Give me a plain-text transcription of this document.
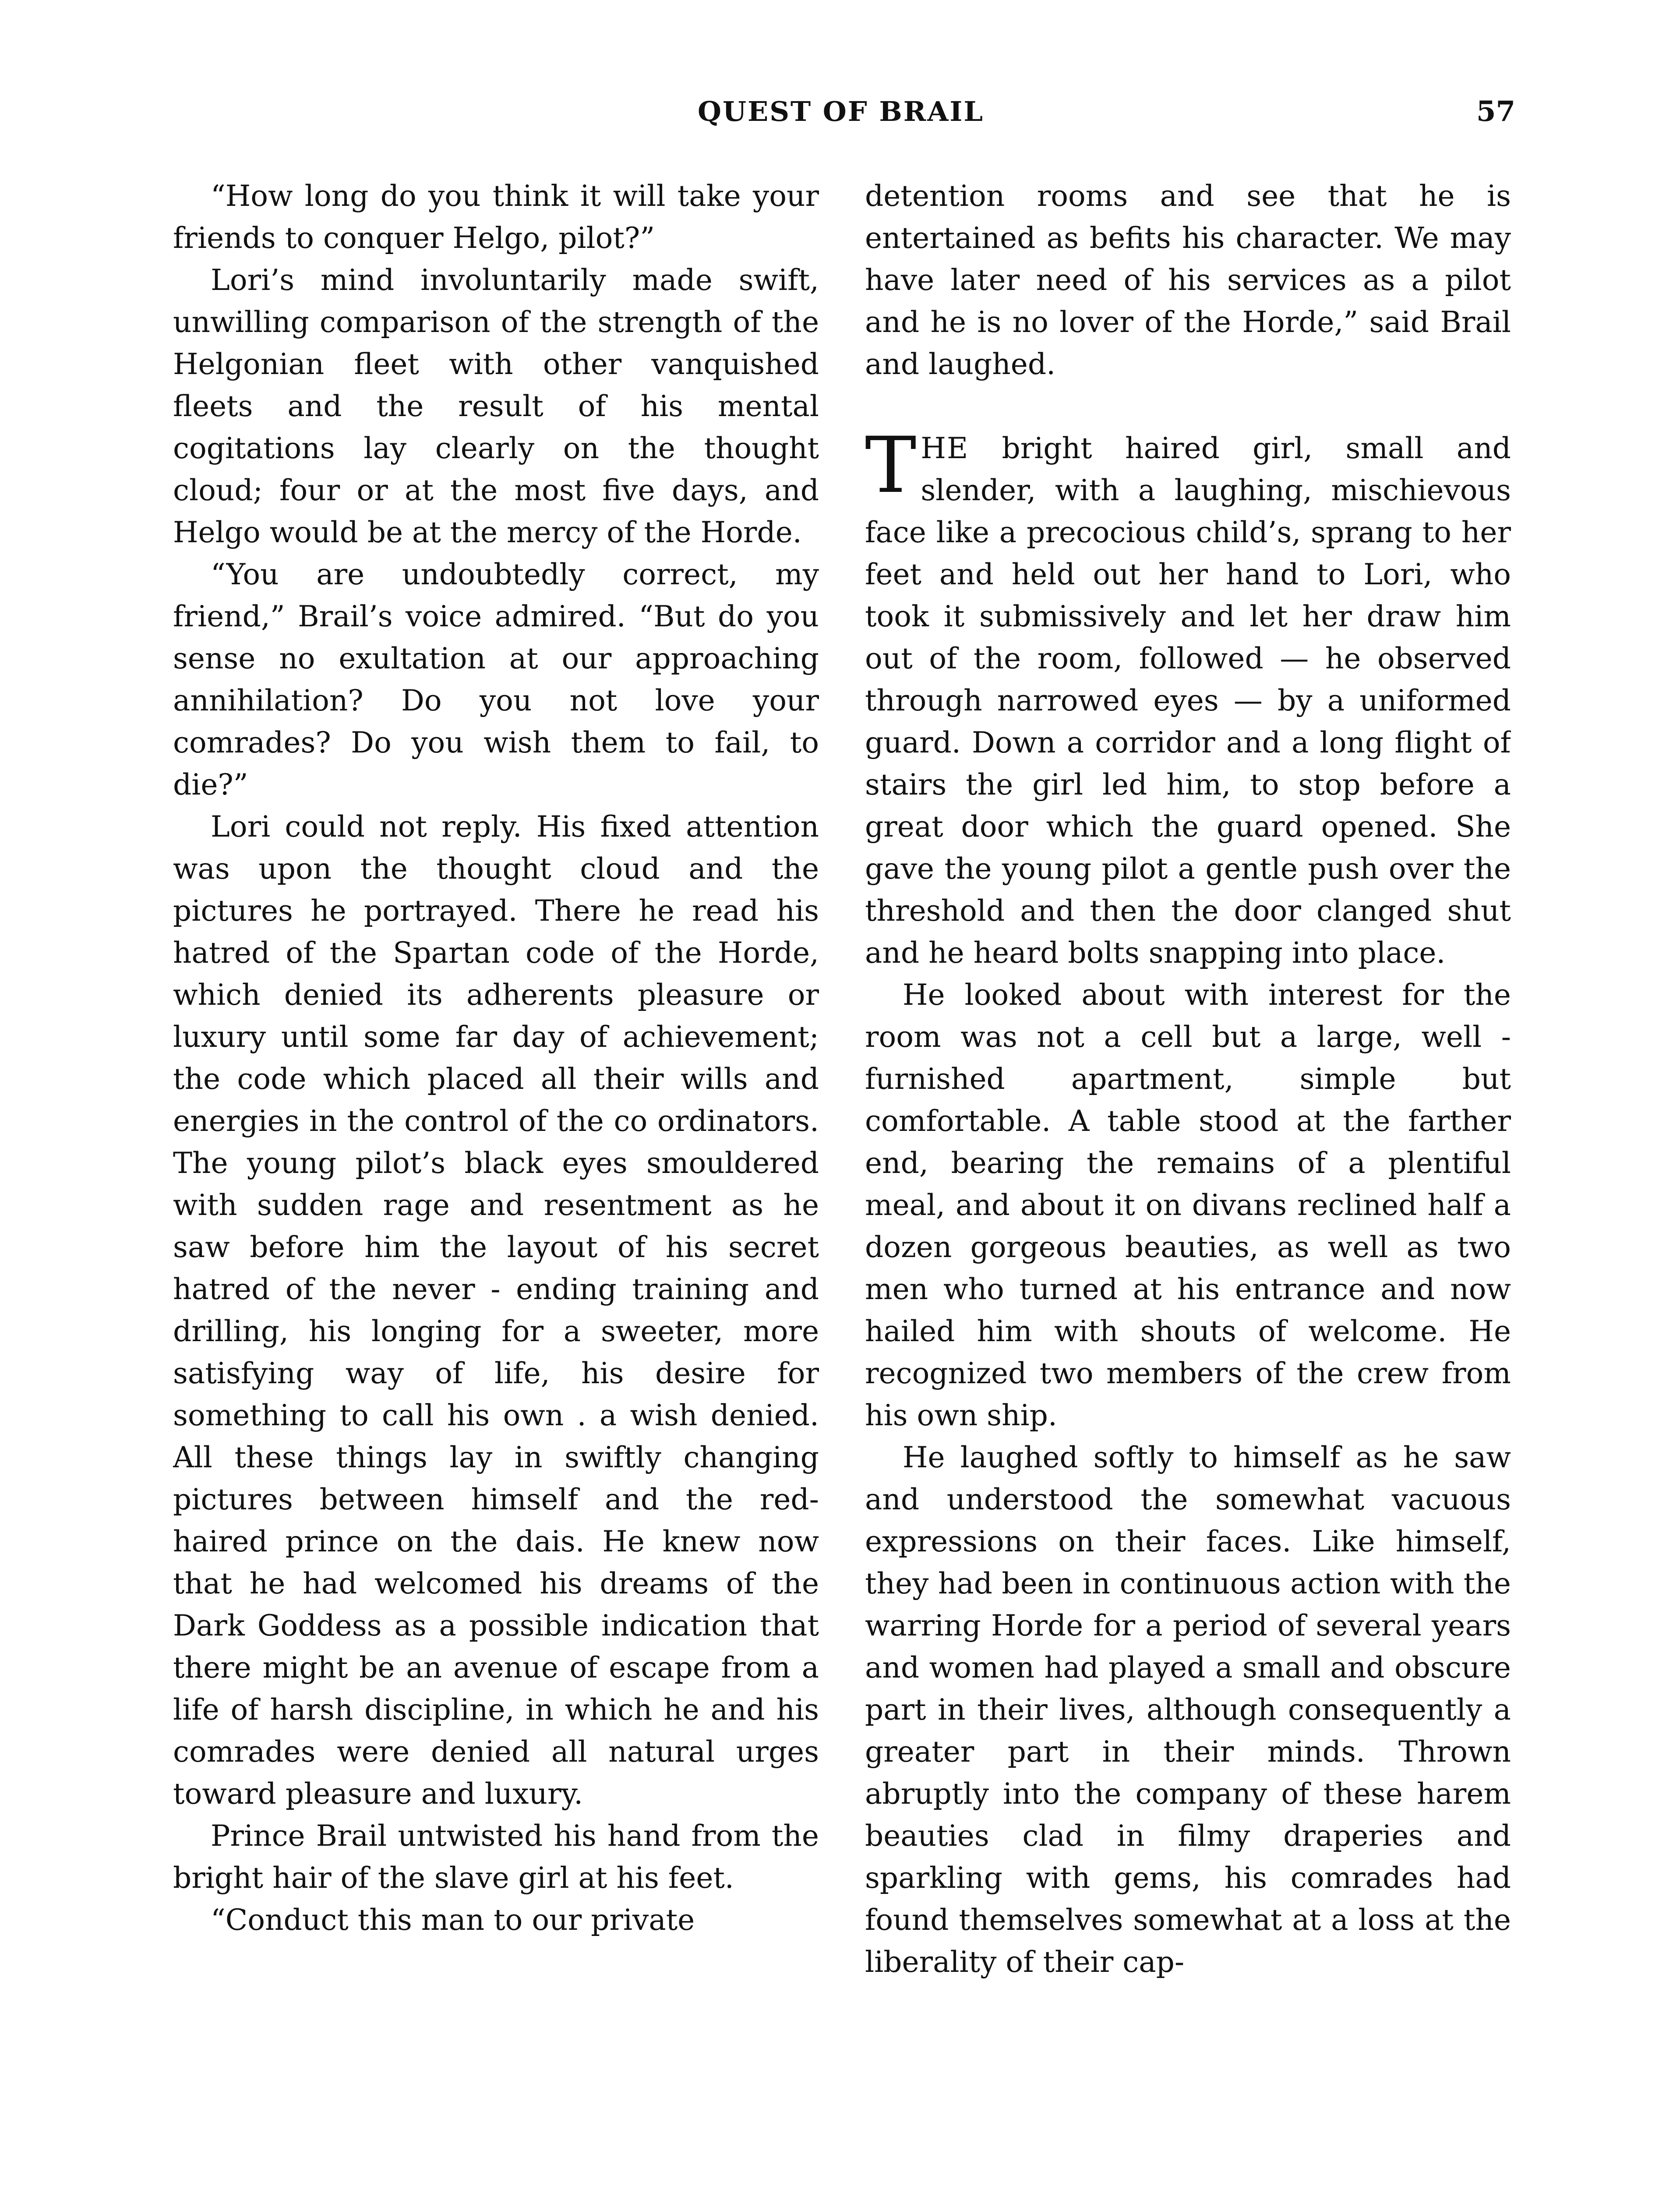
QUEST OF BRAIL	57

“How long do you think it will take your friends to conquer Helgo, pilot?”

Lori’s mind involuntarily made swift, unwilling comparison of the strength of the Helgonian fleet with other vanquished fleets and the result of his mental cogitations lay clearly on the thought cloud; four or at the most five days, and Helgo would be at the mercy of the Horde.

“You are undoubtedly correct, my friend,” Brail’s voice admired. “But do you sense no exultation at our approaching annihilation? Do you not love your comrades? Do you wish them to fail, to die?”

Lori could not reply. His fixed attention was upon the thought cloud and the pictures he portrayed. There he read his hatred of the Spartan code of the Horde, which denied its adherents pleasure or luxury until some far day of achievement; the code which placed all their wills and energies in the control of the co ordinators. The young pilot’s black eyes smouldered with sudden rage and resentment as he saw before him the layout of his secret hatred of the never - ending training and drilling, his longing for a sweeter, more satisfying way of life, his desire for something to call his own . a wish denied. All these things lay in swiftly changing pictures between himself and the red-haired prince on the dais. He knew now that he had welcomed his dreams of the Dark Goddess as a possible indication that there might be an avenue of escape from a life of harsh discipline, in which he and his comrades were denied all natural urges toward pleasure and luxury.

Prince Brail untwisted his hand from the bright hair of the slave girl at his feet.

“Conduct this man to our private

detention rooms and see that he is entertained as befits his character. We may have later need of his services as a pilot and he is no lover of the Horde,” said Brail and laughed.

THE bright haired girl, small and slender, with a laughing, mischievous face like a precocious child’s, sprang to her feet and held out her hand to Lori, who took it submissively and let her draw him out of the room, followed — he observed through narrowed eyes — by a uniformed guard. Down a corridor and a long flight of stairs the girl led him, to stop before a great door which the guard opened. She gave the young pilot a gentle push over the threshold and then the door clanged shut and he heard bolts snapping into place.

He looked about with interest for the room was not a cell but a large, well - furnished apartment, simple but comfortable. A table stood at the farther end, bearing the remains of a plentiful meal, and about it on divans reclined half a dozen gorgeous beauties, as well as two men who turned at his entrance and now hailed him with shouts of welcome. He recognized two members of the crew from his own ship.

He laughed softly to himself as he saw and understood the somewhat vacuous expressions on their faces. Like himself, they had been in continuous action with the warring Horde for a period of several years and women had played a small and obscure part in their lives, although consequently a greater part in their minds. Thrown abruptly into the company of these harem beauties clad in filmy draperies and sparkling with gems, his comrades had found themselves somewhat at a loss at the liberality of their cap-
